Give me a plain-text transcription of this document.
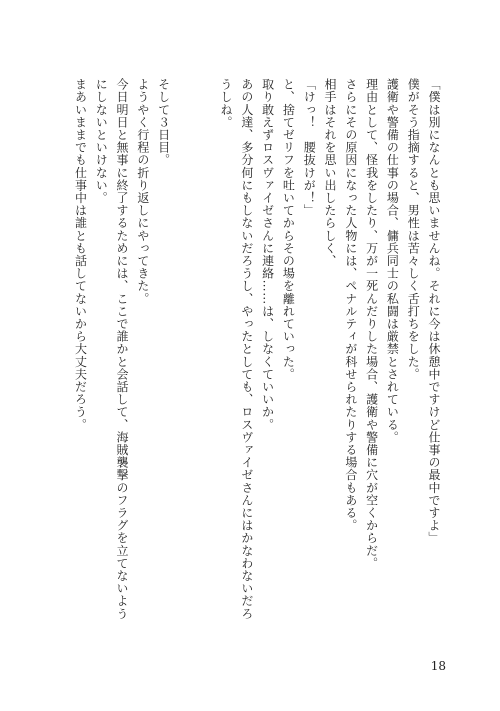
「僕は別になんとも思いませんね。それに今は休憩中ですけど仕事の最中ですよ」
僕がそう指摘すると、男性は苦々しく舌打ちをした。
護衛や警備の仕事の場合、傭兵同士の私闘は厳禁とされている。
理由として、怪我をしたり、万が一死んだりした場合、護衛や警備に穴が空くからだ。
さらにその原因になった人物には、ペナルティが科せられたりする場合もある。
相手はそれを思い出したらしく、
「けっ！　腰抜けが！」
と、捨てゼリフを吐いてからその場を離れていった。
取り敢えずロスヴァイゼさんに連絡……は、しなくていいか。
あの人達、多分何にもしないだろうし、やったとしても、ロスヴァイゼさんにはかなわないだろ
うしね。
そして３日目。
ようやく行程の折り返しにやってきた。
今日明日と無事に終了するためには、ここで誰かと会話して、海賊襲撃のフラグを立てないよう
にしないといけない。
まあいままでも仕事中は誰とも話してないから大丈夫だろう。
18
